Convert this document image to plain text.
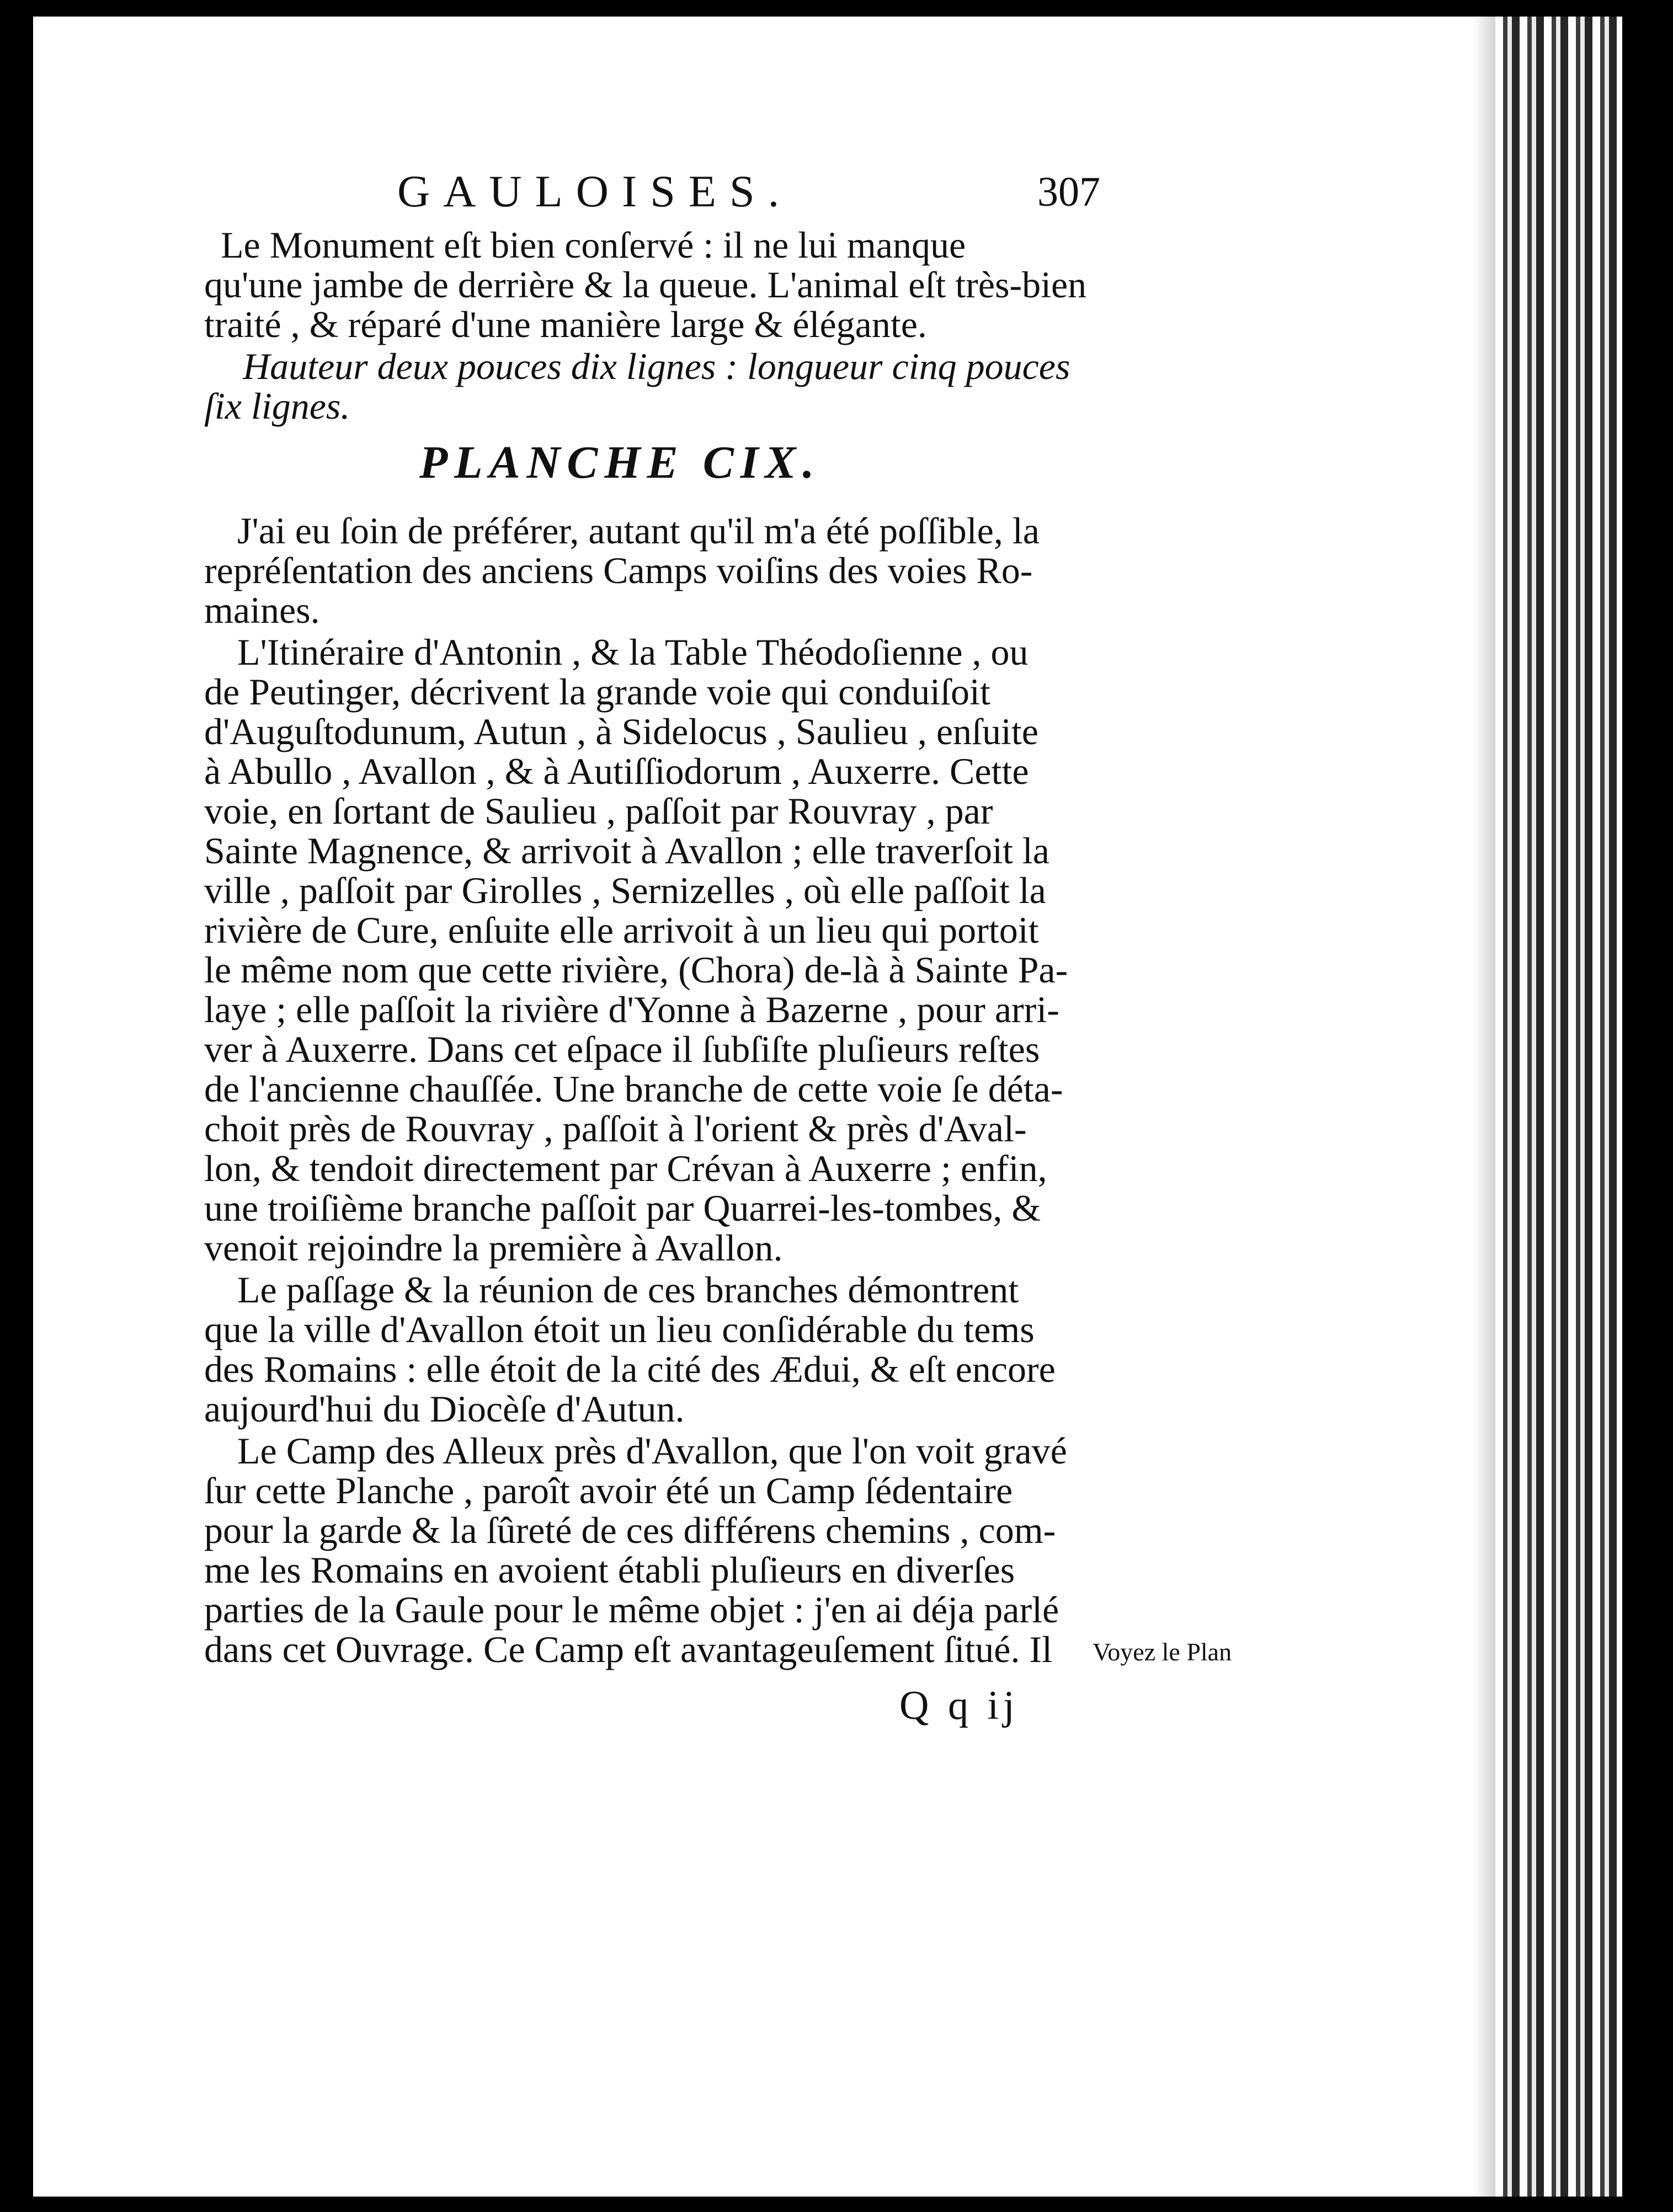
GAULOISES.	307
Le Monument eſt bien conſervé : il ne lui manque
qu'une jambe de derrière & la queue. L'animal eſt très-bien
traité , & réparé d'une manière large & élégante.
Hauteur deux pouces dix lignes : longueur cinq pouces
ſix lignes.
PLANCHE CIX.
J'ai eu ſoin de préférer, autant qu'il m'a été poſſible, la
repréſentation des anciens Camps voiſins des voies Ro-
maines.
L'Itinéraire d'Antonin , & la Table Théodoſienne , ou
de Peutinger, décrivent la grande voie qui conduiſoit
d'Auguſtodunum, Autun , à Sidelocus , Saulieu , enſuite
à Abullo , Avallon , & à Autiſſiodorum , Auxerre. Cette
voie, en ſortant de Saulieu , paſſoit par Rouvray , par
Sainte Magnence, & arrivoit à Avallon ; elle traverſoit la
ville , paſſoit par Girolles , Sernizelles , où elle paſſoit la
rivière de Cure, enſuite elle arrivoit à un lieu qui portoit
le même nom que cette rivière, (Chora) de-là à Sainte Pa-
laye ; elle paſſoit la rivière d'Yonne à Bazerne , pour arri-
ver à Auxerre. Dans cet eſpace il ſubſiſte pluſieurs reſtes
de l'ancienne chauſſée. Une branche de cette voie ſe déta-
choit près de Rouvray , paſſoit à l'orient & près d'Aval-
lon, & tendoit directement par Crévan à Auxerre ; enfin,
une troiſième branche paſſoit par Quarrei-les-tombes, &
venoit rejoindre la première à Avallon.
Le paſſage & la réunion de ces branches démontrent
que la ville d'Avallon étoit un lieu conſidérable du tems
des Romains : elle étoit de la cité des Ædui, & eſt encore
aujourd'hui du Diocèſe d'Autun.
Le Camp des Alleux près d'Avallon, que l'on voit gravé
ſur cette Planche , paroît avoir été un Camp ſédentaire
pour la garde & la ſûreté de ces différens chemins , com-
me les Romains en avoient établi pluſieurs en diverſes
parties de la Gaule pour le même objet : j'en ai déja parlé
dans cet Ouvrage. Ce Camp eſt avantageuſement ſitué. Il Voyez le Plan
Q q ij
